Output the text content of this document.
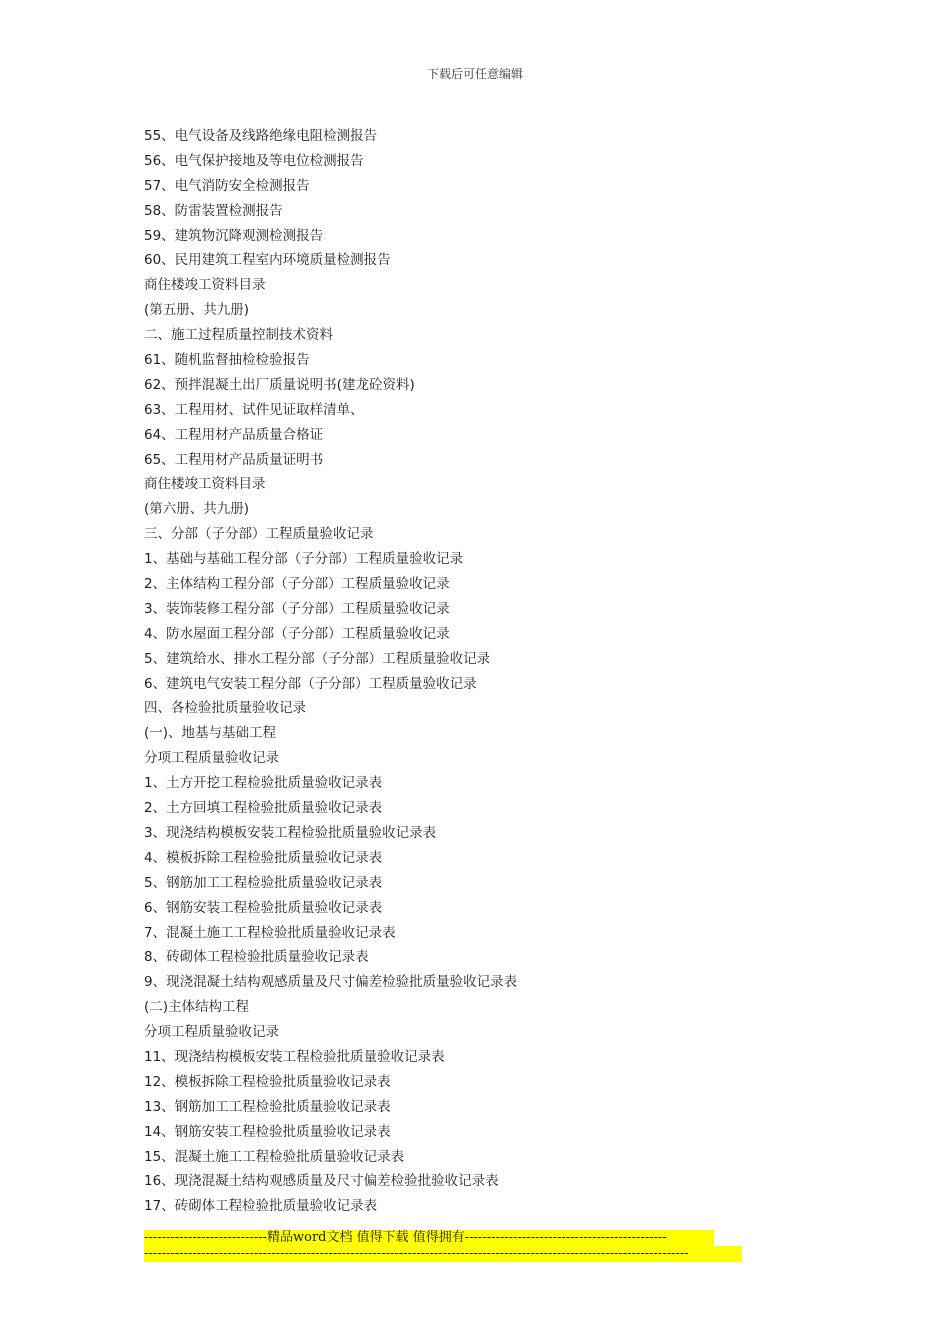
下载后可任意编辑
55、电气设备及线路绝缘电阻检测报告
56、电气保护接地及等电位检测报告
57、电气消防安全检测报告
58、防雷装置检测报告
59、建筑物沉降观测检测报告
60、民用建筑工程室内环境质量检测报告
商住楼竣工资料目录
(第五册、共九册)
二、施工过程质量控制技术资料
61、随机监督抽检检验报告
62、预拌混凝土出厂质量说明书(建龙砼资料)
63、工程用材、试件见证取样清单、
64、工程用材产品质量合格证
65、工程用材产品质量证明书
商住楼竣工资料目录
(第六册、共九册)
三、分部（子分部）工程质量验收记录
1、基础与基础工程分部（子分部）工程质量验收记录
2、主体结构工程分部（子分部）工程质量验收记录
3、装饰装修工程分部（子分部）工程质量验收记录
4、防水屋面工程分部（子分部）工程质量验收记录
5、建筑给水、排水工程分部（子分部）工程质量验收记录
6、建筑电气安装工程分部（子分部）工程质量验收记录
四、各检验批质量验收记录
(一)、地基与基础工程
分项工程质量验收记录
1、土方开挖工程检验批质量验收记录表
2、土方回填工程检验批质量验收记录表
3、现浇结构模板安装工程检验批质量验收记录表
4、模板拆除工程检验批质量验收记录表
5、钢筋加工工程检验批质量验收记录表
6、钢筋安装工程检验批质量验收记录表
7、混凝土施工工程检验批质量验收记录表
8、砖砌体工程检验批质量验收记录表
9、现浇混凝土结构观感质量及尺寸偏差检验批质量验收记录表
(二)主体结构工程
分项工程质量验收记录
11、现浇结构模板安装工程检验批质量验收记录表
12、模板拆除工程检验批质量验收记录表
13、钢筋加工工程检验批质量验收记录表
14、钢筋安装工程检验批质量验收记录表
15、混凝土施工工程检验批质量验收记录表
16、现浇混凝土结构观感质量及尺寸偏差检验批验收记录表
17、砖砌体工程检验批质量验收记录表
----------------------------精品word文档 值得下载 值得拥有----------------------------------------------
----------------------------------------------------------------------------------------------------------------------------
